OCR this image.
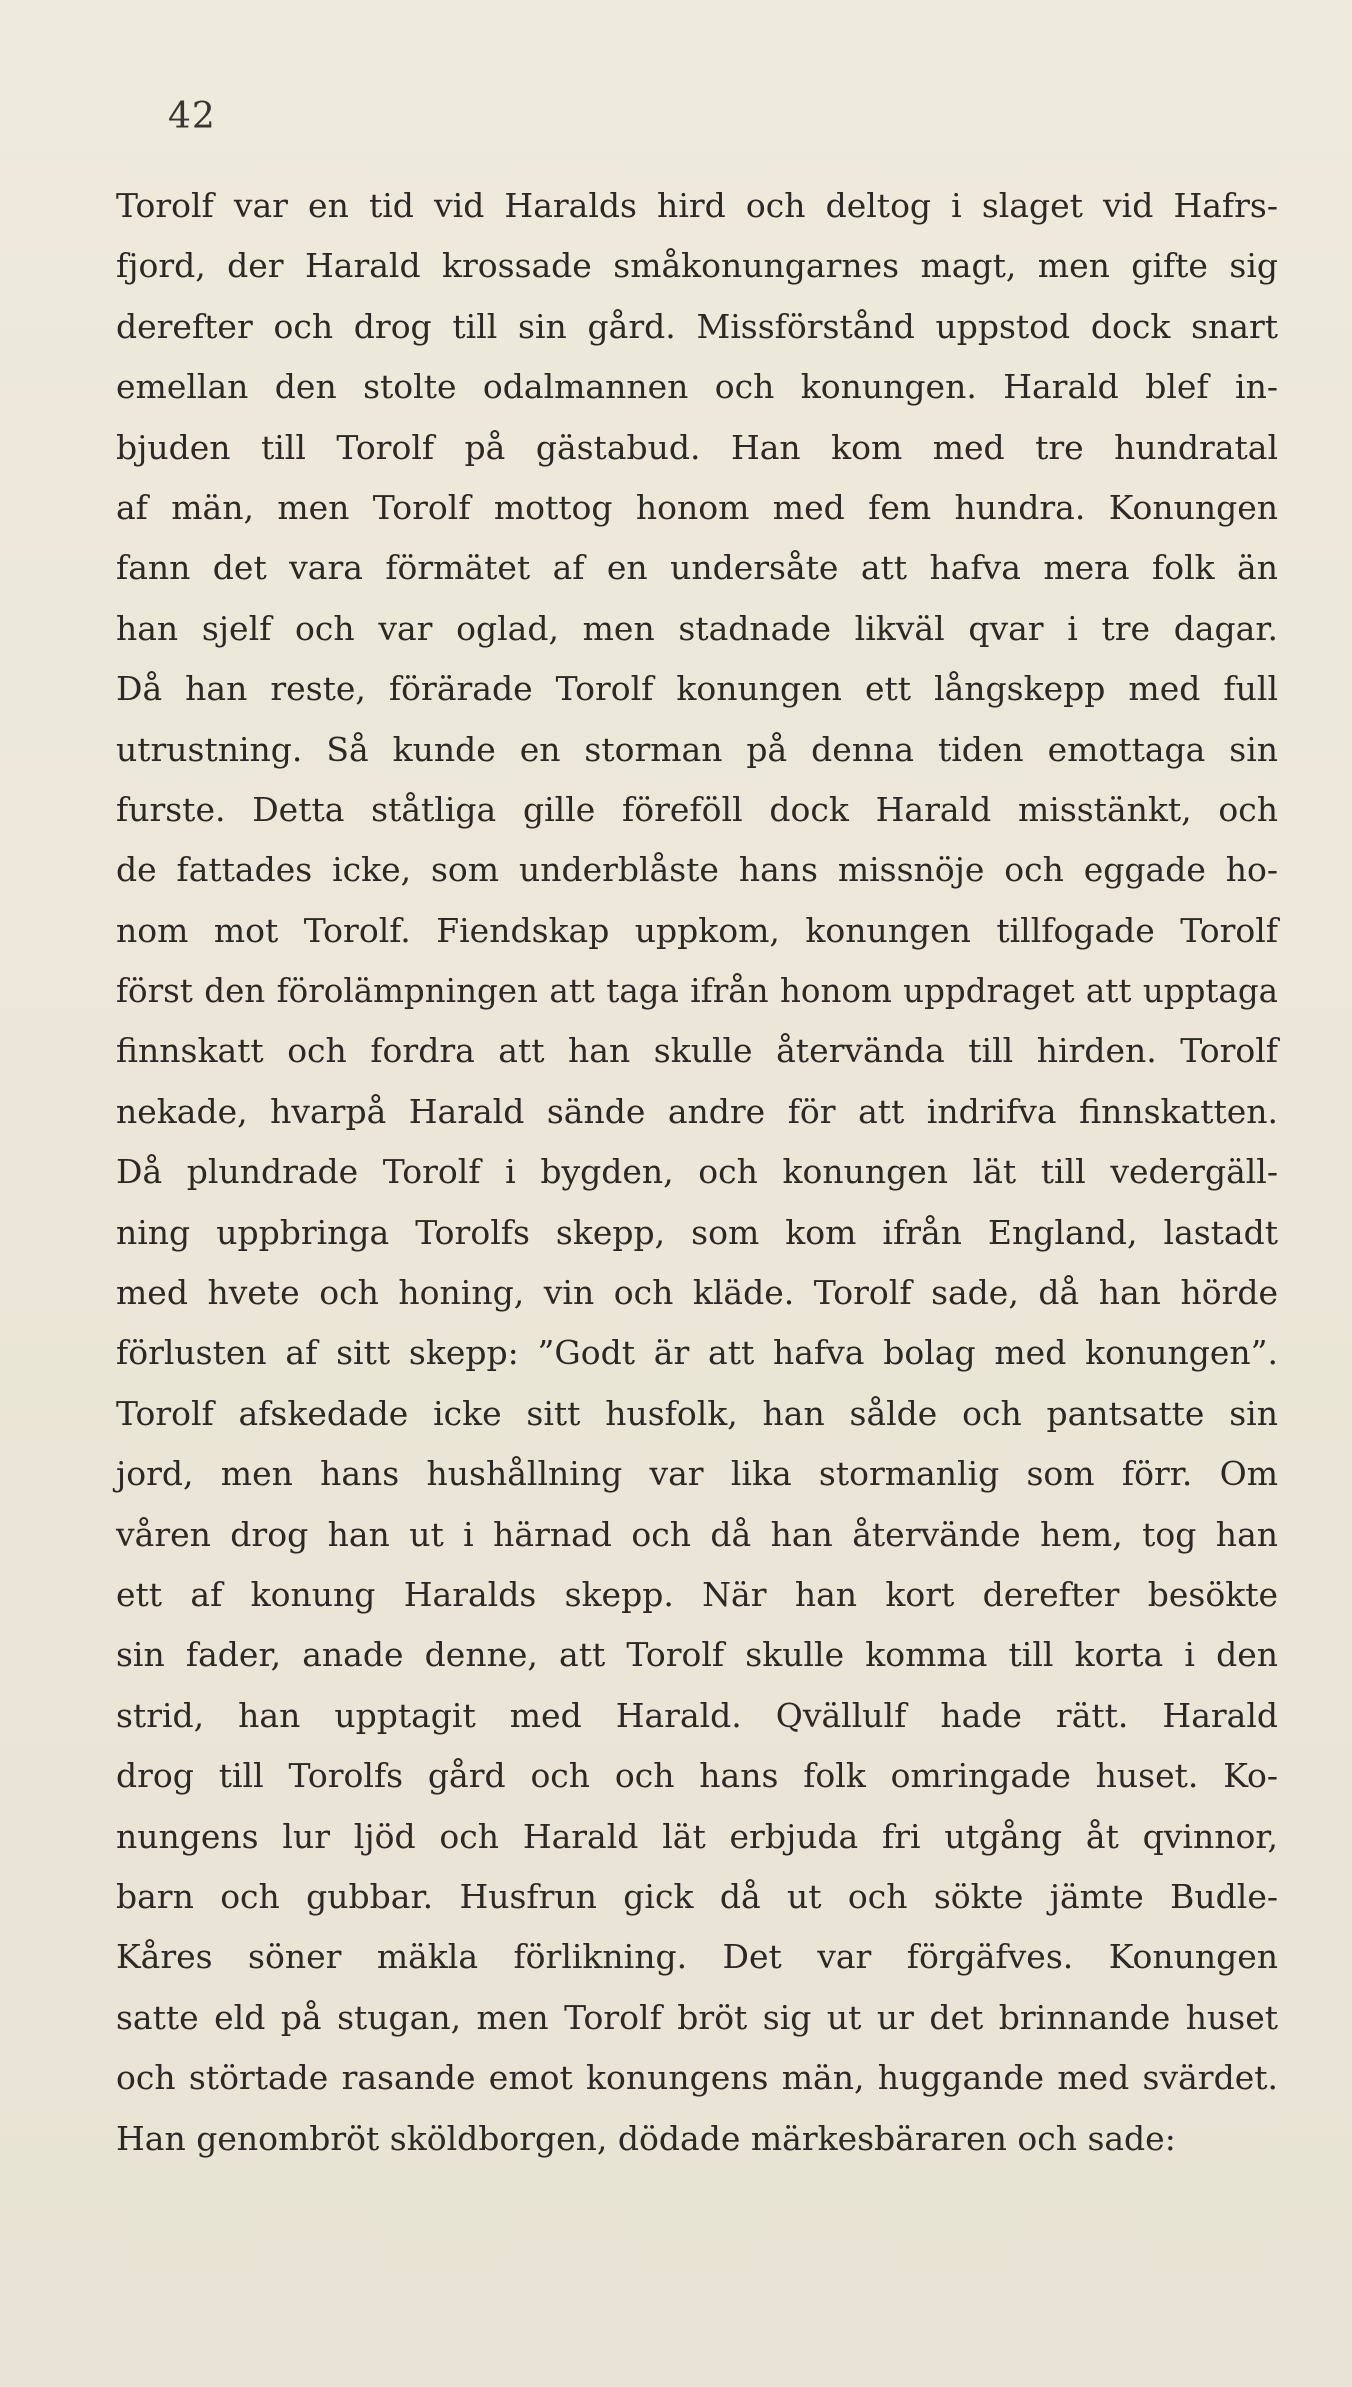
42
Torolf var en tid vid Haralds hird och deltog i slaget vid Hafrs-
fjord, der Harald krossade småkonungarnes magt, men gifte sig
derefter och drog till sin gård. Missförstånd uppstod dock snart
emellan den stolte odalmannen och konungen. Harald blef in-
bjuden till Torolf på gästabud. Han kom med tre hundratal
af män, men Torolf mottog honom med fem hundra. Konungen
fann det vara förmätet af en undersåte att hafva mera folk än
han sjelf och var oglad, men stadnade likväl qvar i tre dagar.
Då han reste, förärade Torolf konungen ett långskepp med full
utrustning. Så kunde en storman på denna tiden emottaga sin
furste. Detta ståtliga gille föreföll dock Harald misstänkt, och
de fattades icke, som underblåste hans missnöje och eggade ho-
nom mot Torolf. Fiendskap uppkom, konungen tillfogade Torolf
först den förolämpningen att taga ifrån honom uppdraget att upptaga
finnskatt och fordra att han skulle återvända till hirden. Torolf
nekade, hvarpå Harald sände andre för att indrifva finnskatten.
Då plundrade Torolf i bygden, och konungen lät till vedergäll-
ning uppbringa Torolfs skepp, som kom ifrån England, lastadt
med hvete och honing, vin och kläde. Torolf sade, då han hörde
förlusten af sitt skepp: ”Godt är att hafva bolag med konungen”.
Torolf afskedade icke sitt husfolk, han sålde och pantsatte sin
jord, men hans hushållning var lika stormanlig som förr. Om
våren drog han ut i härnad och då han återvände hem, tog han
ett af konung Haralds skepp. När han kort derefter besökte
sin fader, anade denne, att Torolf skulle komma till korta i den
strid, han upptagit med Harald. Qvällulf hade rätt. Harald
drog till Torolfs gård och och hans folk omringade huset. Ko-
nungens lur ljöd och Harald lät erbjuda fri utgång åt qvinnor,
barn och gubbar. Husfrun gick då ut och sökte jämte Budle-
Kåres söner mäkla förlikning. Det var förgäfves. Konungen
satte eld på stugan, men Torolf bröt sig ut ur det brinnande huset
och störtade rasande emot konungens män, huggande med svärdet.
Han genombröt sköldborgen, dödade märkesbäraren och sade:
